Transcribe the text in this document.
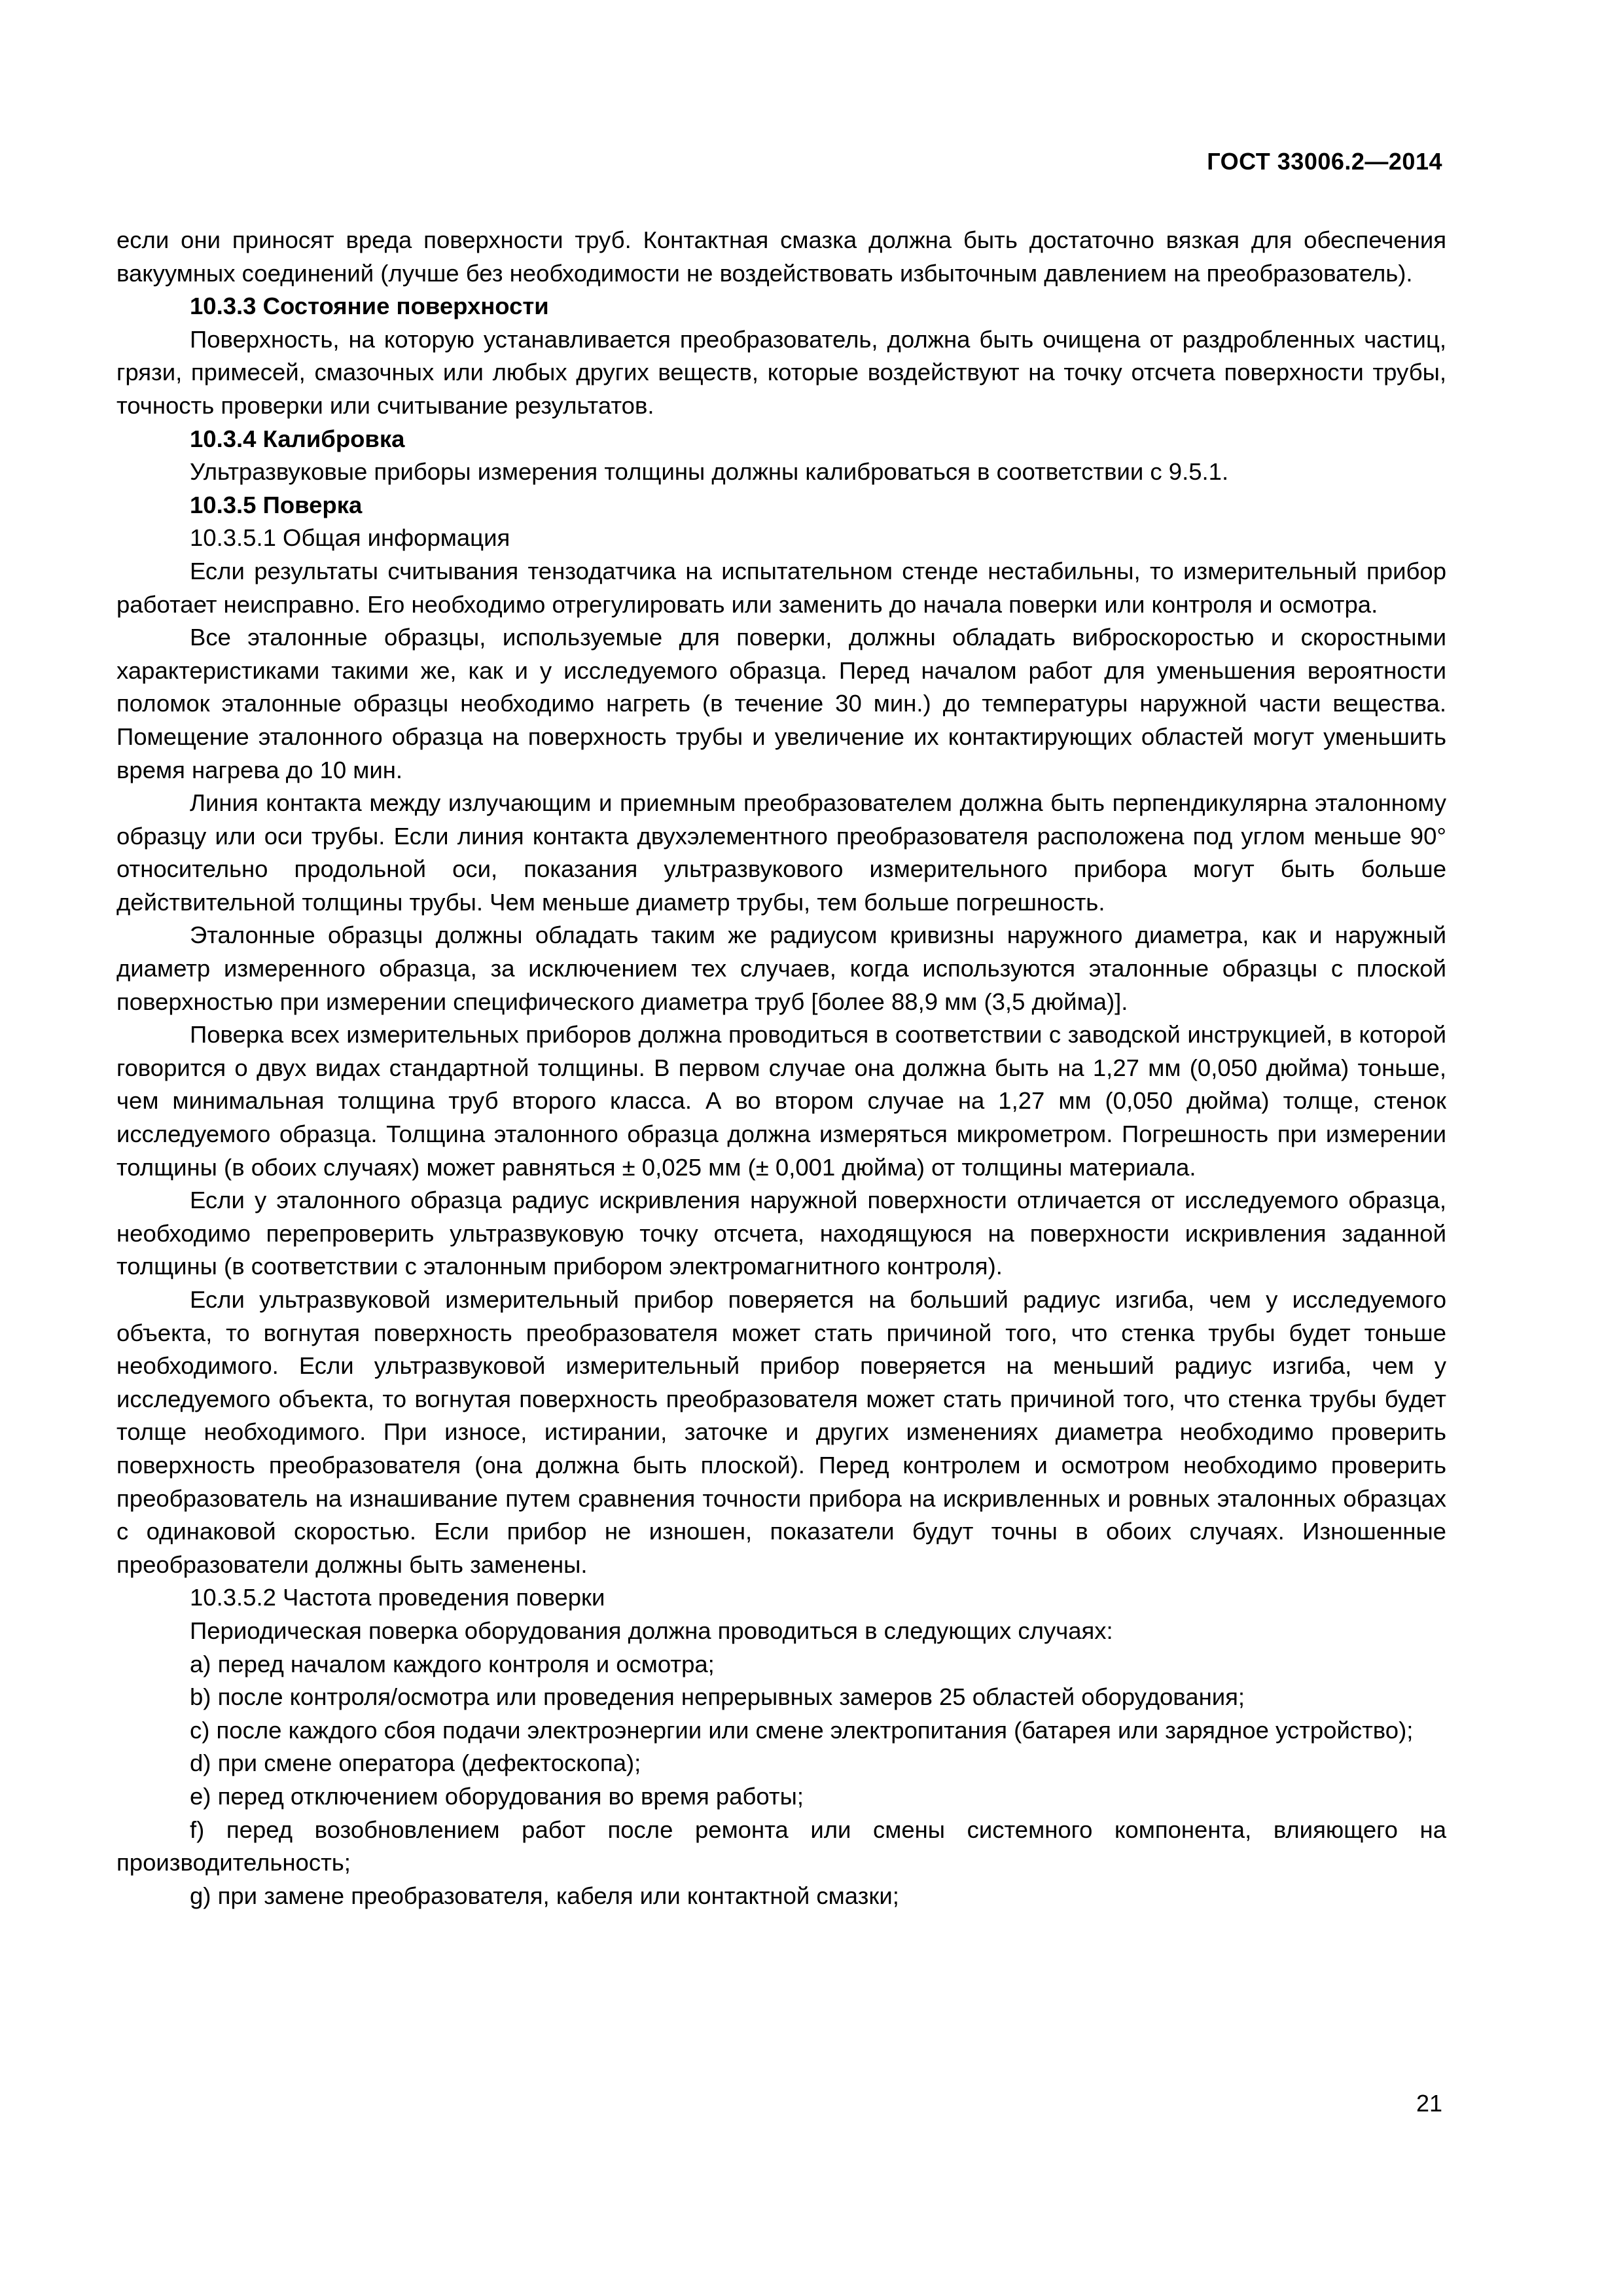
ГОСТ 33006.2—2014

если они приносят вреда поверхности труб. Контактная смазка должна быть достаточно вязкая для обеспечения вакуумных соединений (лучше без необходимости не воздействовать избыточным давлением на преобразователь).

10.3.3 Состояние поверхности

Поверхность, на которую устанавливается преобразователь, должна быть очищена от раздробленных частиц, грязи, примесей, смазочных или любых других веществ, которые воздействуют на точку отсчета поверхности трубы, точность проверки или считывание результатов.

10.3.4 Калибровка

Ультразвуковые приборы измерения толщины должны калиброваться в соответствии с 9.5.1.

10.3.5 Поверка

10.3.5.1 Общая информация

Если результаты считывания тензодатчика на испытательном стенде нестабильны, то измерительный прибор работает неисправно. Его необходимо отрегулировать или заменить до начала поверки или контроля и осмотра.

Все эталонные образцы, используемые для поверки, должны обладать виброскоростью и скоростными характеристиками такими же, как и у исследуемого образца. Перед началом работ для уменьшения вероятности поломок эталонные образцы необходимо нагреть (в течение 30 мин.) до температуры наружной части вещества. Помещение эталонного образца на поверхность трубы и увеличение их контактирующих областей могут уменьшить время нагрева до 10 мин.

Линия контакта между излучающим и приемным преобразователем должна быть перпендикулярна эталонному образцу или оси трубы. Если линия контакта двухэлементного преобразователя расположена под углом меньше 90° относительно продольной оси, показания ультразвукового измерительного прибора могут быть больше действительной толщины трубы. Чем меньше диаметр трубы, тем больше погрешность.

Эталонные образцы должны обладать таким же радиусом кривизны наружного диаметра, как и наружный диаметр измеренного образца, за исключением тех случаев, когда используются эталонные образцы с плоской поверхностью при измерении специфического диаметра труб [более 88,9 мм (3,5 дюйма)].

Поверка всех измерительных приборов должна проводиться в соответствии с заводской инструкцией, в которой говорится о двух видах стандартной толщины. В первом случае она должна быть на 1,27 мм (0,050 дюйма) тоньше, чем минимальная толщина труб второго класса. А во втором случае на 1,27 мм (0,050 дюйма) толще, стенок исследуемого образца. Толщина эталонного образца должна измеряться микрометром. Погрешность при измерении толщины (в обоих случаях) может равняться ± 0,025 мм (± 0,001 дюйма) от толщины материала.

Если у эталонного образца радиус искривления наружной поверхности отличается от исследуемого образца, необходимо перепроверить ультразвуковую точку отсчета, находящуюся на поверхности искривления заданной толщины (в соответствии с эталонным прибором электромагнитного контроля).

Если ультразвуковой измерительный прибор поверяется на больший радиус изгиба, чем у исследуемого объекта, то вогнутая поверхность преобразователя может стать причиной того, что стенка трубы будет тоньше необходимого. Если ультразвуковой измерительный прибор поверяется на меньший радиус изгиба, чем у исследуемого объекта, то вогнутая поверхность преобразователя может стать причиной того, что стенка трубы будет толще необходимого. При износе, истирании, заточке и других изменениях диаметра необходимо проверить поверхность преобразователя (она должна быть плоской). Перед контролем и осмотром необходимо проверить преобразователь на изнашивание путем сравнения точности прибора на искривленных и ровных эталонных образцах с одинаковой скоростью. Если прибор не изношен, показатели будут точны в обоих случаях. Изношенные преобразователи должны быть заменены.

10.3.5.2 Частота проведения поверки

Периодическая поверка оборудования должна проводиться в следующих случаях:

a) перед началом каждого контроля и осмотра;

b) после контроля/осмотра или проведения непрерывных замеров 25 областей оборудования;

c) после каждого сбоя подачи электроэнергии или смене электропитания (батарея или зарядное устройство);

d) при смене оператора (дефектоскопа);

e) перед отключением оборудования во время работы;

f) перед возобновлением работ после ремонта или смены системного компонента, влияющего на производительность;

g) при замене преобразователя, кабеля или контактной смазки;

21
